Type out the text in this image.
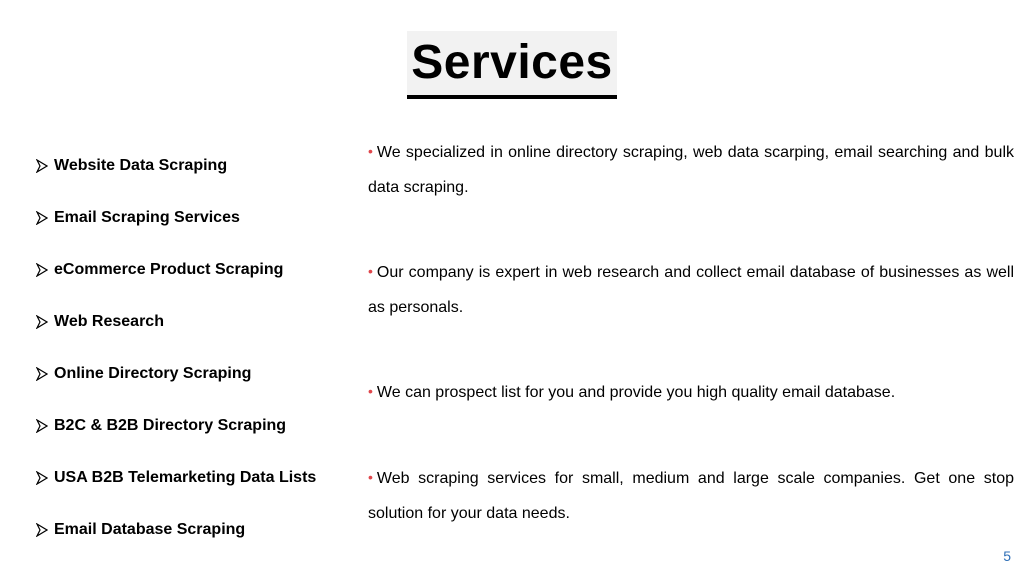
Services
Website Data Scraping
Email Scraping Services
eCommerce Product Scraping
Web Research
Online Directory Scraping
B2C & B2B Directory Scraping
USA B2B Telemarketing Data Lists
Email Database Scraping

• We specialized in online directory scraping, web data scarping, email searching and bulk data scraping.

• Our company is expert in web research and collect email database of businesses as well as personals.

• We can prospect list for you and provide you high quality email database.

• Web scraping services for small, medium and large scale companies. Get one stop solution for your data needs.

5
